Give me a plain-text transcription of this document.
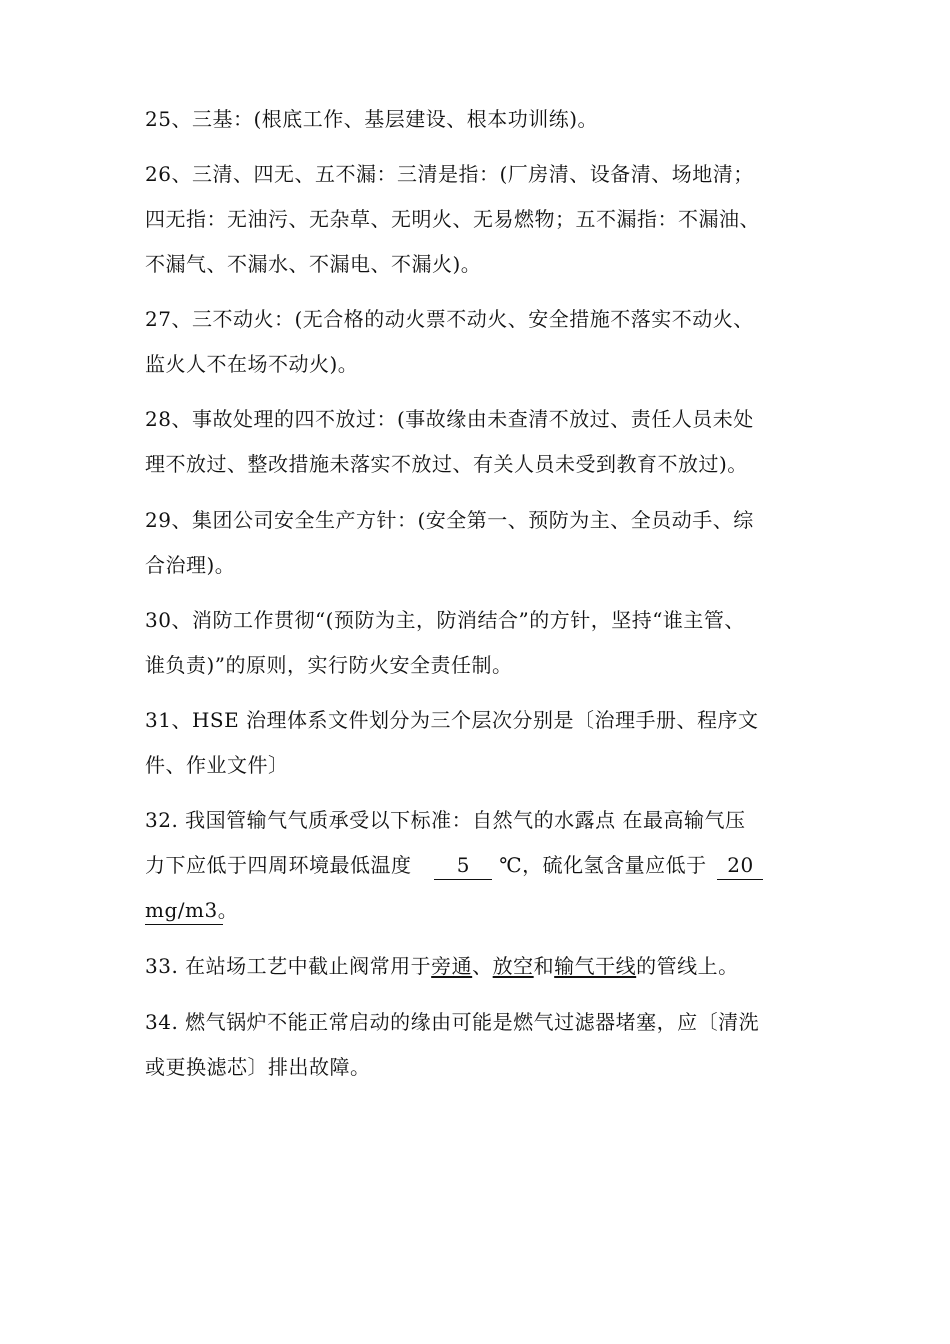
25、三基：(根底工作、基层建设、根本功训练)。

26、三清、四无、五不漏：三清是指：(厂房清、设备清、场地清；
四无指：无油污、无杂草、无明火、无易燃物；五不漏指：不漏油、
不漏气、不漏水、不漏电、不漏火)。

27、三不动火：(无合格的动火票不动火、安全措施不落实不动火、
监火人不在场不动火)。

28、事故处理的四不放过：(事故缘由未查清不放过、责任人员未处
理不放过、整改措施未落实不放过、有关人员未受到教育不放过)。

29、集团公司安全生产方针：(安全第一、预防为主、全员动手、综
合治理)。

30、消防工作贯彻“(预防为主，防消结合”的方针，坚持“谁主管、
谁负责)”的原则，实行防火安全责任制。

31、HSE 治理体系文件划分为三个层次分别是〔治理手册、程序文
件、作业文件〕

32. 我国管输气气质承受以下标准：自然气的水露点 在最高输气压
力下应低于四周环境最低温度 5 ℃，硫化氢含量应低于 20
mg/m3。

33. 在站场工艺中截止阀常用于旁通、放空和输气干线的管线上。

34. 燃气锅炉不能正常启动的缘由可能是燃气过滤器堵塞，应〔清洗
或更换滤芯〕排出故障。
